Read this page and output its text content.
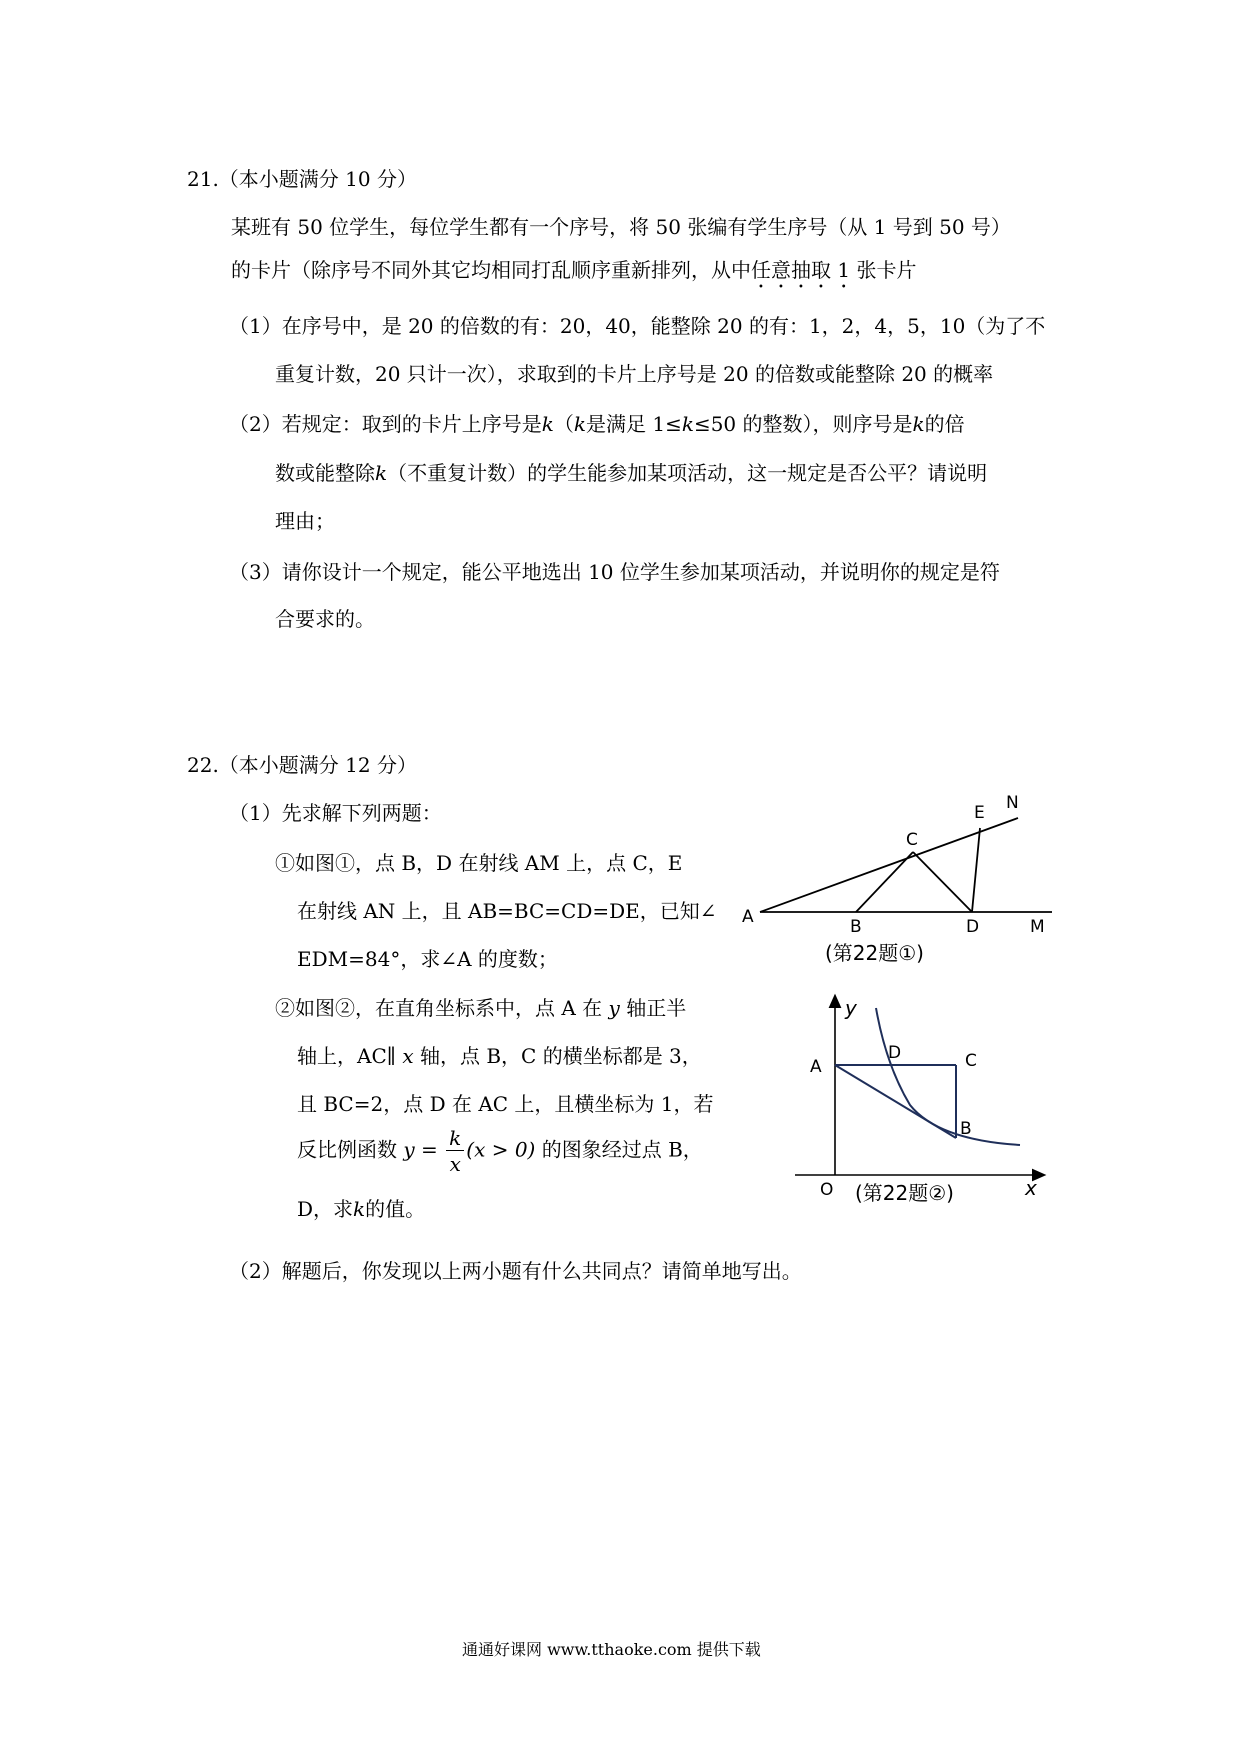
21.（本小题满分 10 分）
某班有 50 位学生，每位学生都有一个序号，将 50 张编有学生序号（从 1 号到 50 号）
的卡片（除序号不同外其它均相同打乱顺序重新排列，从中任意抽取 1 张卡片
（1）在序号中，是 20 的倍数的有：20，40，能整除 20 的有：1，2，4，5，10（为了不
重复计数，20 只计一次），求取到的卡片上序号是 20 的倍数或能整除 20 的概率
（2）若规定：取到的卡片上序号是k（k是满足 1≤k≤50 的整数），则序号是k的倍
数或能整除k（不重复计数）的学生能参加某项活动，这一规定是否公平？请说明
理由；
（3）请你设计一个规定，能公平地选出 10 位学生参加某项活动，并说明你的规定是符
合要求的。
22.（本小题满分 12 分）
（1）先求解下列两题：
①如图①，点 B，D 在射线 AM 上，点 C，E
在射线 AN 上，且 AB=BC=CD=DE，已知∠
EDM=84°，求∠A 的度数；
②如图②，在直角坐标系中，点 A 在 y 轴正半
轴上，AC∥ x 轴，点 B，C 的横坐标都是 3，
且 BC=2，点 D 在 AC 上，且横坐标为 1，若
反比例函数 $y = \frac{k}{x} (x > 0)$ 的图象经过点 B，
D，求k的值。
（2）解题后，你发现以上两小题有什么共同点？请简单地写出。
A	B
C
D
E
M
N
(第22题①)
y
A
D	C
B
O	x
(第22题②)
通通好课网 www.tthaoke.com 提供下载
